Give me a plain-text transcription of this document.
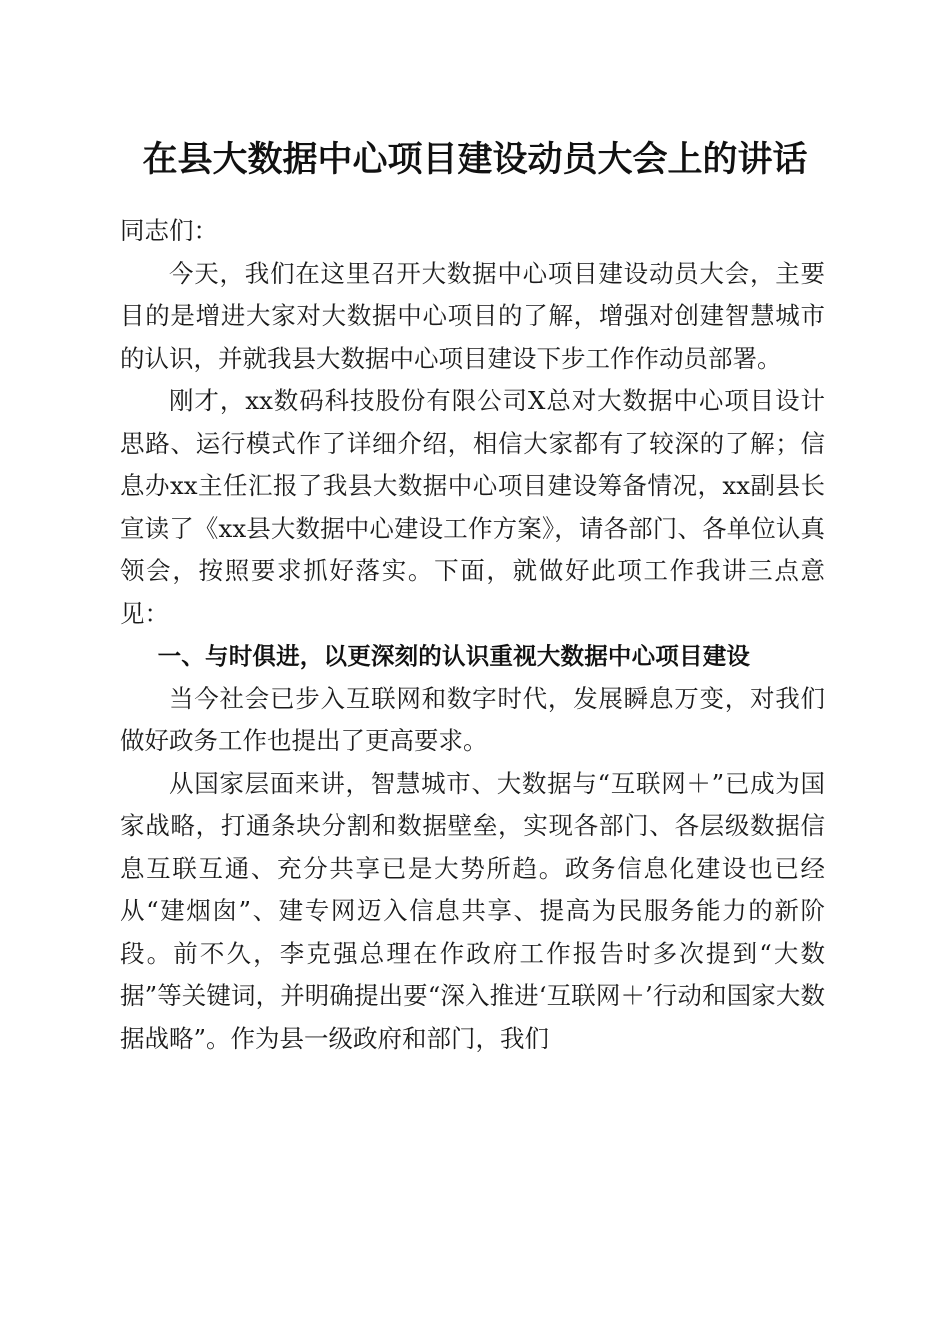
在县大数据中心项目建设动员大会上的讲话

同志们：

今天，我们在这里召开大数据中心项目建设动员大会，主要目的是增进大家对大数据中心项目的了解，增强对创建智慧城市的认识，并就我县大数据中心项目建设下步工作作动员部署。

刚才，xx数码科技股份有限公司X总对大数据中心项目设计思路、运行模式作了详细介绍，相信大家都有了较深的了解；信息办xx主任汇报了我县大数据中心项目建设筹备情况，xx副县长宣读了《xx县大数据中心建设工作方案》，请各部门、各单位认真领会，按照要求抓好落实。下面，就做好此项工作我讲三点意见：

一、与时俱进，以更深刻的认识重视大数据中心项目建设

当今社会已步入互联网和数字时代，发展瞬息万变，对我们做好政务工作也提出了更高要求。

从国家层面来讲，智慧城市、大数据与“互联网＋”已成为国家战略，打通条块分割和数据壁垒，实现各部门、各层级数据信息互联互通、充分共享已是大势所趋。政务信息化建设也已经从“建烟囱”、建专网迈入信息共享、提高为民服务能力的新阶段。前不久，李克强总理在作政府工作报告时多次提到“大数据”等关键词，并明确提出要“深入推进‘互联网＋’行动和国家大数据战略”。作为县一级政府和部门，我们
